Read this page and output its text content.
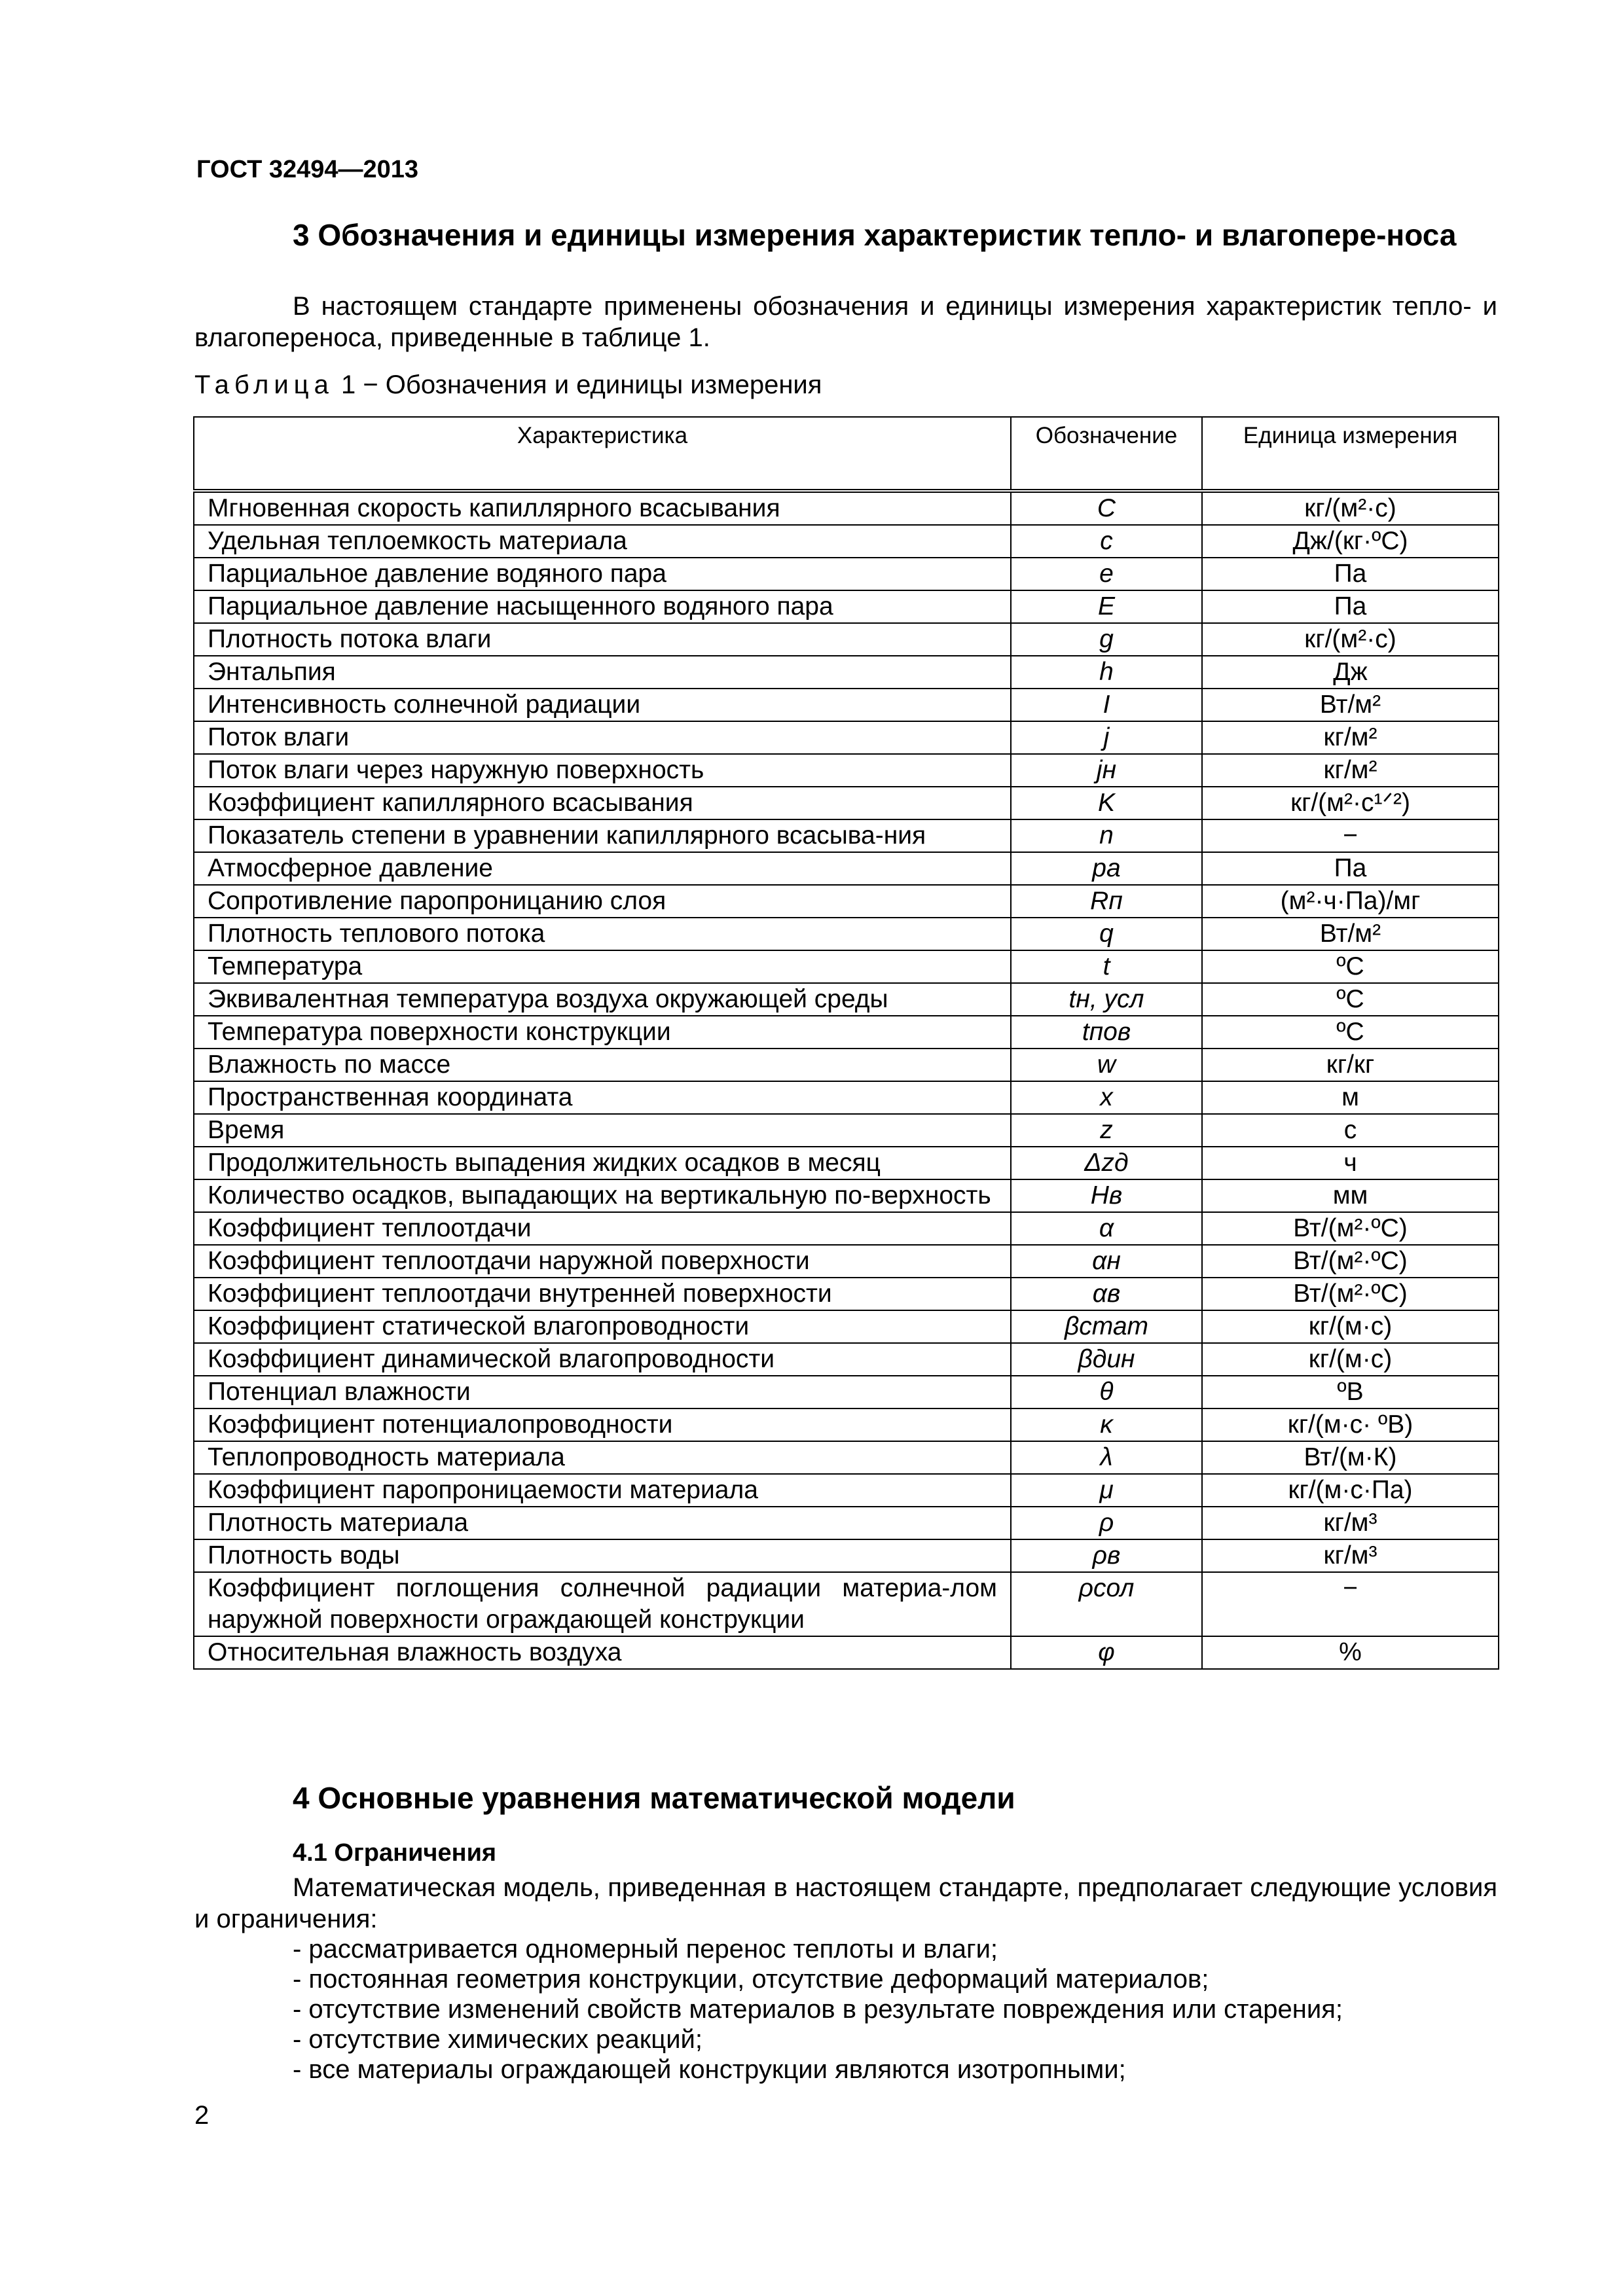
ГОСТ 32494—2013
3 Обозначения и единицы измерения характеристик тепло- и влагопере-носа
В настоящем стандарте применены обозначения и единицы измерения характеристик тепло- и влагопереноса, приведенные в таблице 1.
Таблица 1 − Обозначения и единицы измерения
Характеристика	Обозначение	Единица измерения
Мгновенная скорость капиллярного всасывания	C	кг/(м²·с)
Удельная теплоемкость материала	c	Дж/(кг·ºС)
Парциальное давление водяного пара	e	Па
Парциальное давление насыщенного водяного пара	E	Па
Плотность потока влаги	g	кг/(м²·с)
Энтальпия	h	Дж
Интенсивность солнечной радиации	I	Вт/м²
Поток влаги	j	кг/м²
Поток влаги через наружную поверхность	jн	кг/м²
Коэффициент капиллярного всасывания	K	кг/(м²·с¹ᐟ²)
Показатель степени в уравнении капиллярного всасыва-ния	n	−
Атмосферное давление	pа	Па
Сопротивление паропроницанию слоя	Rп	(м²·ч·Па)/мг
Плотность теплового потока	q	Вт/м²
Температура	t	ºС
Эквивалентная температура воздуха окружающей среды	tн, усл	ºС
Температура поверхности конструкции	tпов	ºС
Влажность по массе	w	кг/кг
Пространственная координата	x	м
Время	z	с
Продолжительность выпадения жидких осадков в месяц	Δzд	ч
Количество осадков, выпадающих на вертикальную по-верхность	Hв	мм
Коэффициент теплоотдачи	α	Вт/(м²·ºС)
Коэффициент теплоотдачи наружной поверхности	αн	Вт/(м²·ºС)
Коэффициент теплоотдачи внутренней поверхности	αв	Вт/(м²·ºС)
Коэффициент статической влагопроводности	βстат	кг/(м·с)
Коэффициент динамической влагопроводности	βдин	кг/(м·с)
Потенциал влажности	θ	ºВ
Коэффициент потенциалопроводности	κ	кг/(м·с· ºВ)
Теплопроводность материала	λ	Вт/(м·К)
Коэффициент паропроницаемости материала	μ	кг/(м·с·Па)
Плотность материала	ρ	кг/м³
Плотность воды	ρв	кг/м³
Коэффициент поглощения солнечной радиации материа-лом наружной поверхности ограждающей конструкции	ρсол	−
Относительная влажность воздуха	φ	%
4 Основные уравнения математической модели
4.1 Ограничения
Математическая модель, приведенная в настоящем стандарте, предполагает следующие условия и ограничения:
- рассматривается одномерный перенос теплоты и влаги;
- постоянная геометрия конструкции, отсутствие деформаций материалов;
- отсутствие изменений свойств материалов в результате повреждения или старения;
- отсутствие химических реакций;
- все материалы ограждающей конструкции являются изотропными;
2
